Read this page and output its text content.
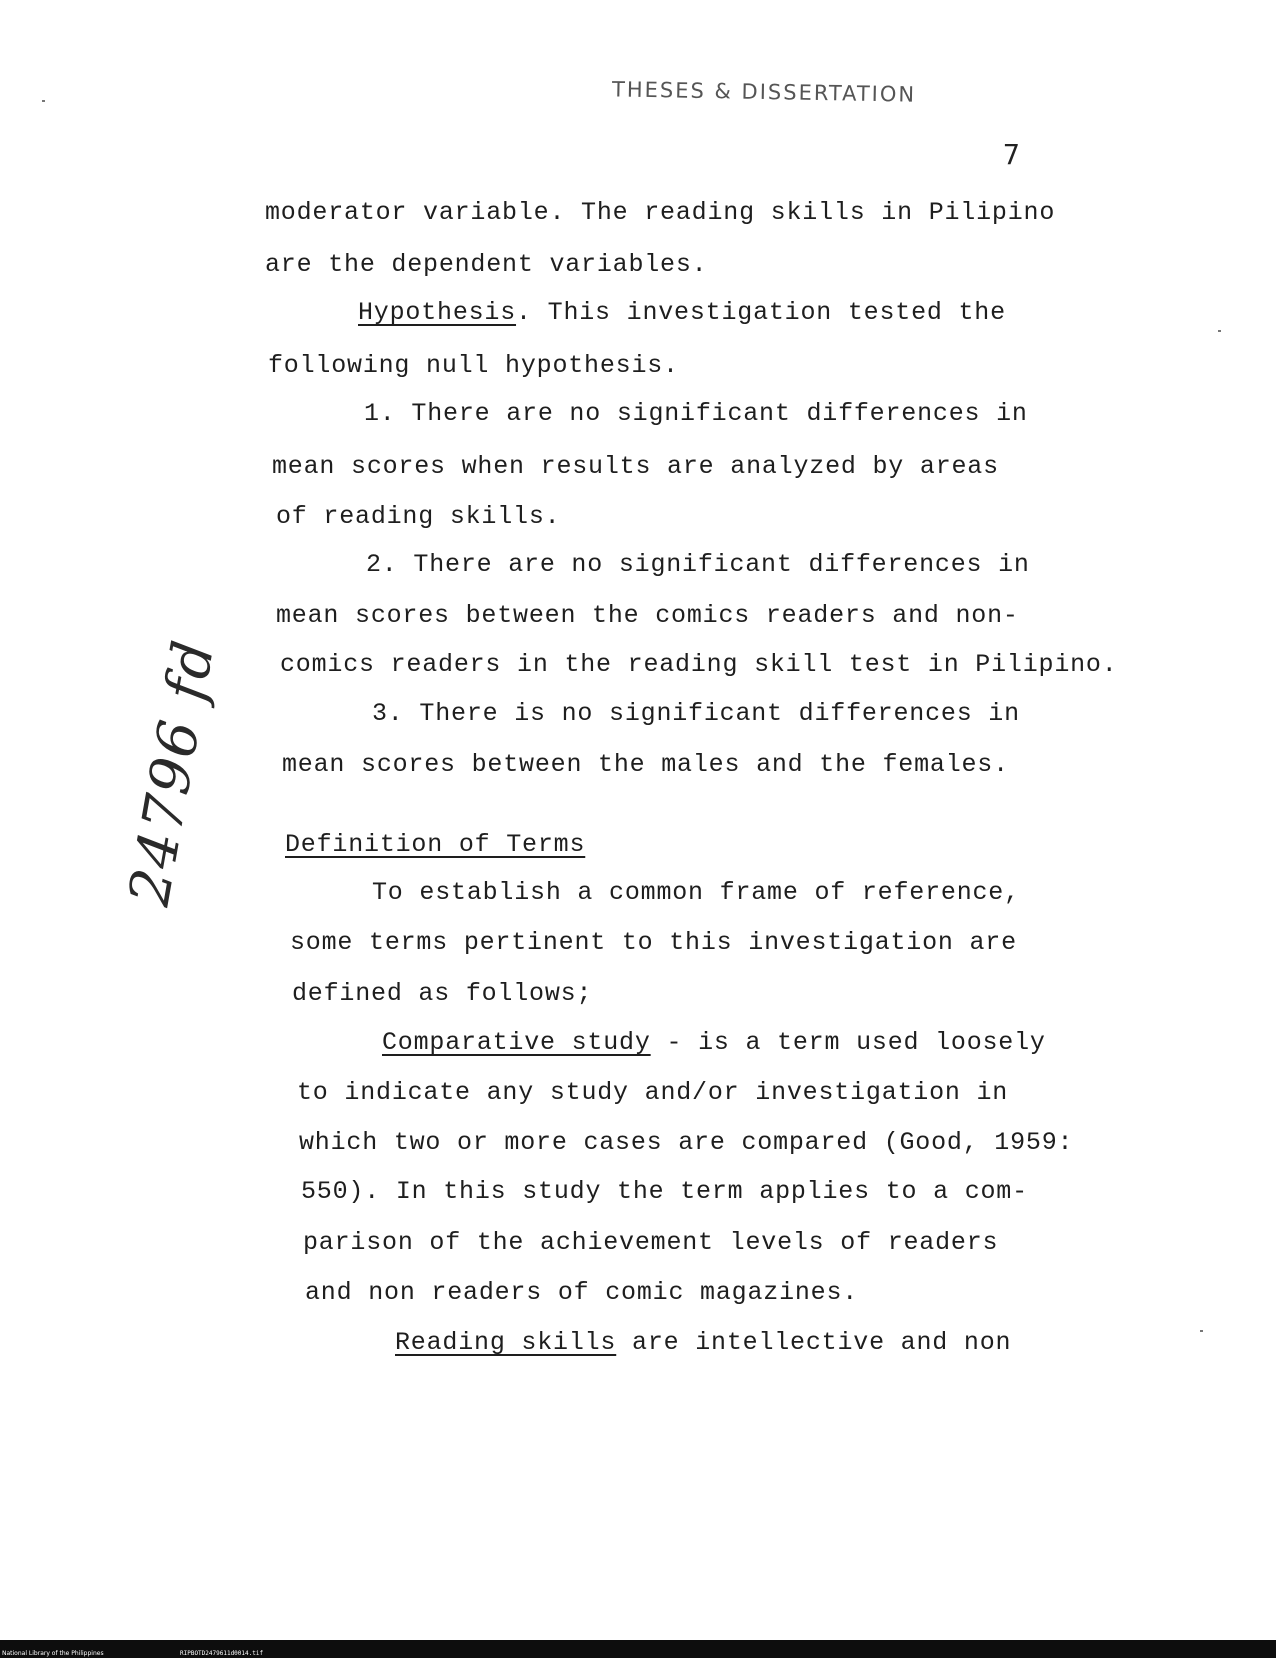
THESES & DISSERTATION
7
moderator variable. The reading skills in Pilipino
are the dependent variables.
Hypothesis. This investigation tested the
following null hypothesis.
1. There are no significant differences in
mean scores when results are analyzed by areas
of reading skills.
2. There are no significant differences in
mean scores between the comics readers and non-
comics readers in the reading skill test in Pilipino.
3. There is no significant differences in
mean scores between the males and the females.
Definition of Terms
To establish a common frame of reference,
some terms pertinent to this investigation are
defined as follows;
Comparative study - is a term used loosely
to indicate any study and/or investigation in
which two or more cases are compared (Good, 1959:
550). In this study the term applies to a com-
parison of the achievement levels of readers
and non readers of comic magazines.
Reading skills are intellective and non
24796 fd
National Library of the Philippines	RIPBOTD2479611d0014.tif
